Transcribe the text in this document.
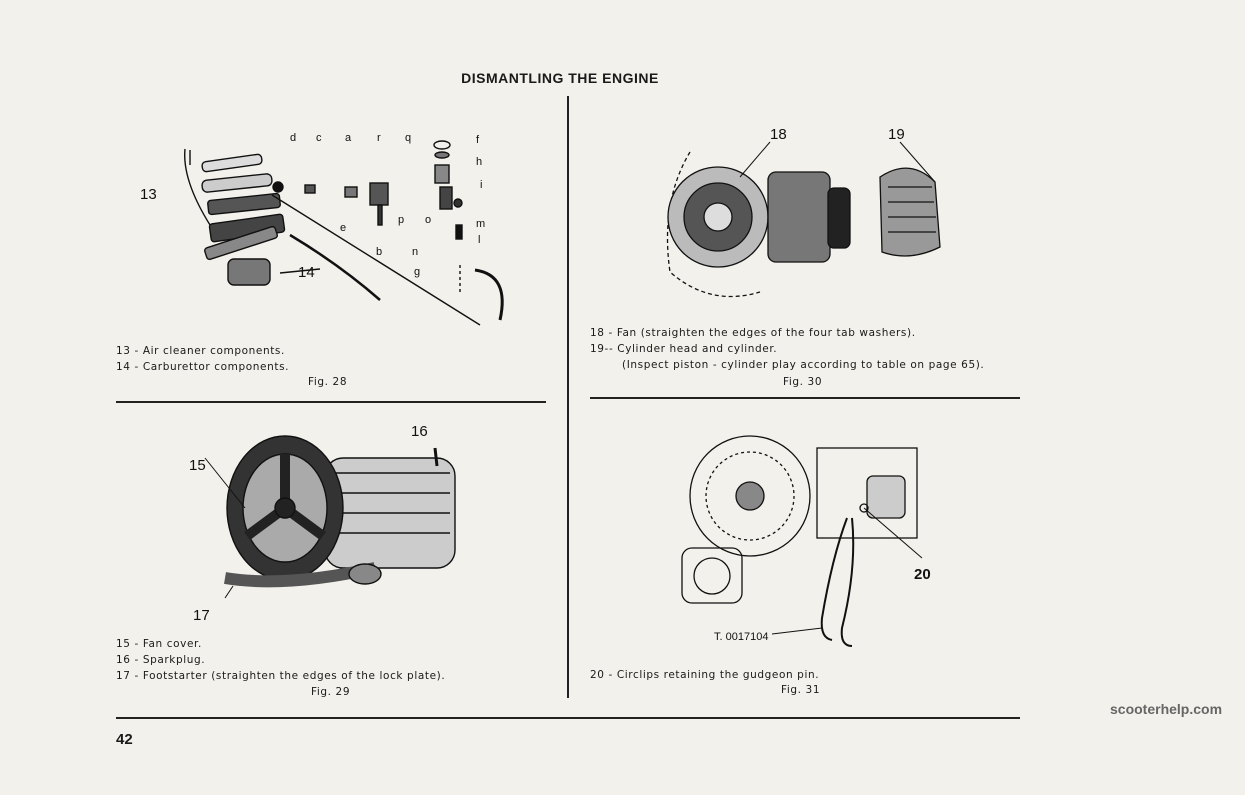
DISMANTLING THE ENGINE
13
14
d c a r q	f
h
i
e
p o	m
l
b	n
g
13 - Air cleaner components.
14 - Carburettor components.
Fig. 28
18	19
18 - Fan (straighten the edges of the four tab washers).
19-- Cylinder head and cylinder.
(Inspect piston - cylinder play according to table on page 65).
Fig. 30
15
16
17
15 - Fan cover.
16 - Sparkplug.
17 - Footstarter (straighten the edges of the lock plate).
Fig. 29
20
T. 0017104
20 - Circlips retaining the gudgeon pin.
Fig. 31
42
scooterhelp.com
